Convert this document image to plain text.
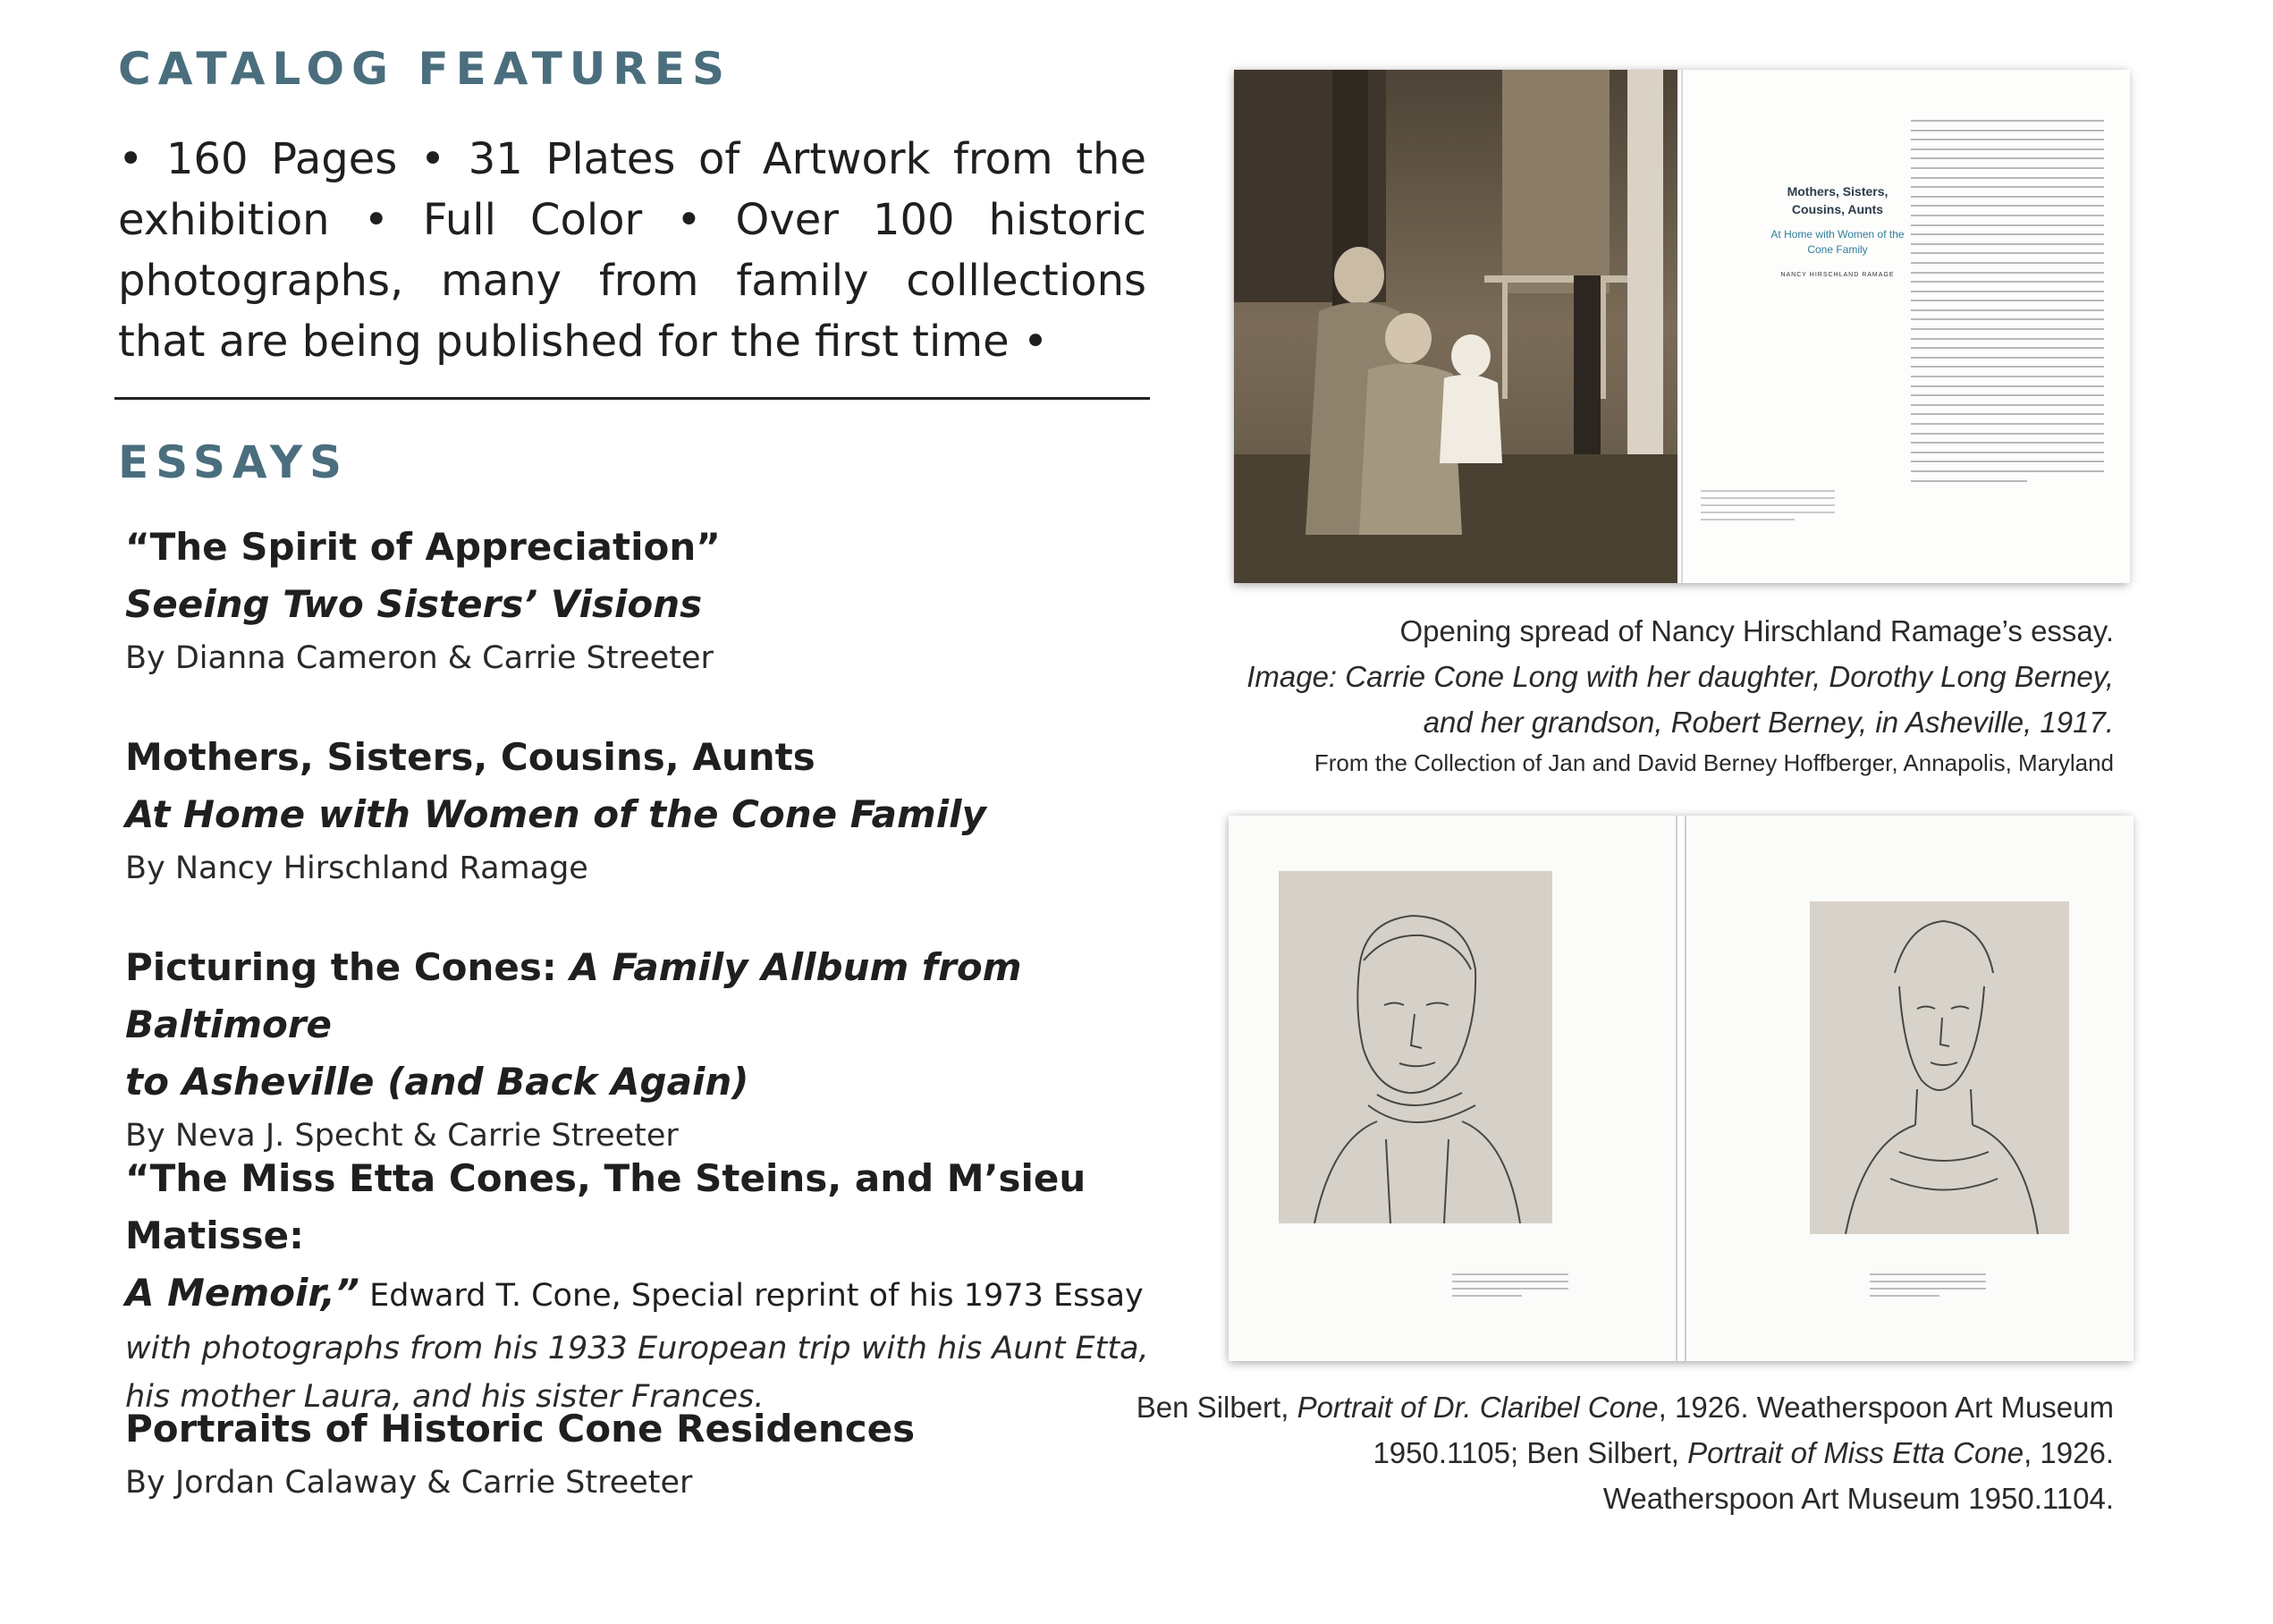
CATALOG FEATURES
• 160 Pages • 31 Plates of Artwork from the exhibition • Full Color • Over 100 historic photographs, many from family colllections that are being published for the first time •
ESSAYS
“The Spirit of Appreciation”
Seeing Two Sisters’ Visions
By Dianna Cameron & Carrie Streeter
Mothers, Sisters, Cousins, Aunts
At Home with Women of the Cone Family
By Nancy Hirschland Ramage
Picturing the Cones: A Family Allbum from Baltimore
to Asheville (and Back Again)
By Neva J. Specht & Carrie Streeter
“The Miss Etta Cones, The Steins, and M’sieu Matisse:
A Memoir,” Edward T. Cone, Special reprint of his 1973 Essay
with photographs from his 1933 European trip with his Aunt Etta,
his mother Laura, and his sister Frances.
Portraits of Historic Cone Residences
By Jordan Calaway & Carrie Streeter
Mothers, Sisters, Cousins, Aunts
At Home with Women of the Cone Family
NANCY HIRSCHLAND RAMAGE
Opening spread of Nancy Hirschland Ramage’s essay.
Image: Carrie Cone Long with her daughter, Dorothy Long Berney,
and her grandson, Robert Berney, in Asheville, 1917.
From the Collection of Jan and David Berney Hoffberger, Annapolis, Maryland
Ben Silbert, Portrait of Dr. Claribel Cone, 1926. Weatherspoon Art Museum
1950.1105; Ben Silbert, Portrait of Miss Etta Cone, 1926.
Weatherspoon Art Museum 1950.1104.
